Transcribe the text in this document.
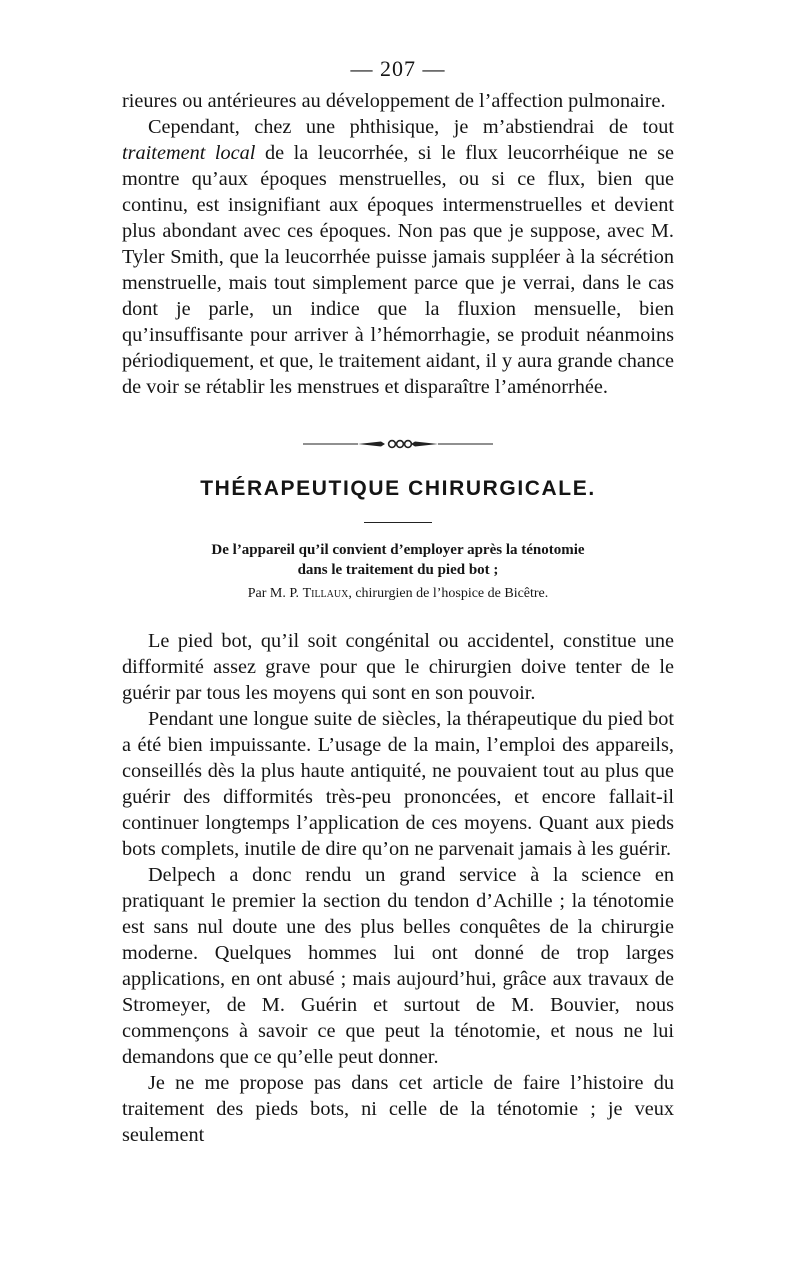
— 207 —

rieures ou antérieures au développement de l’affection pulmonaire.

Cependant, chez une phthisique, je m’abstiendrai de tout traitement local de la leucorrhée, si le flux leucorrhéique ne se montre qu’aux époques menstruelles, ou si ce flux, bien que continu, est insignifiant aux époques intermenstruelles et devient plus abondant avec ces époques. Non pas que je suppose, avec M. Tyler Smith, que la leucorrhée puisse jamais suppléer à la sécrétion menstruelle, mais tout simplement parce que je verrai, dans le cas dont je parle, un indice que la fluxion mensuelle, bien qu’insuffisante pour arriver à l’hémorrhagie, se produit néanmoins périodiquement, et que, le traitement aidant, il y aura grande chance de voir se rétablir les menstrues et disparaître l’aménorrhée.

THÉRAPEUTIQUE CHIRURGICALE.
De l’appareil qu’il convient d’employer après la ténotomie
dans le traitement du pied bot ;
Par M. P. Tillaux, chirurgien de l’hospice de Bicêtre.

Le pied bot, qu’il soit congénital ou accidentel, constitue une difformité assez grave pour que le chirurgien doive tenter de le guérir par tous les moyens qui sont en son pouvoir.

Pendant une longue suite de siècles, la thérapeutique du pied bot a été bien impuissante. L’usage de la main, l’emploi des appareils, conseillés dès la plus haute antiquité, ne pouvaient tout au plus que guérir des difformités très-peu prononcées, et encore fallait-il continuer longtemps l’application de ces moyens. Quant aux pieds bots complets, inutile de dire qu’on ne parvenait jamais à les guérir.

Delpech a donc rendu un grand service à la science en pratiquant le premier la section du tendon d’Achille ; la ténotomie est sans nul doute une des plus belles conquêtes de la chirurgie moderne. Quelques hommes lui ont donné de trop larges applications, en ont abusé ; mais aujourd’hui, grâce aux travaux de Stromeyer, de M. Guérin et surtout de M. Bouvier, nous commençons à savoir ce que peut la ténotomie, et nous ne lui demandons que ce qu’elle peut donner.

Je ne me propose pas dans cet article de faire l’histoire du traitement des pieds bots, ni celle de la ténotomie ; je veux seulement
